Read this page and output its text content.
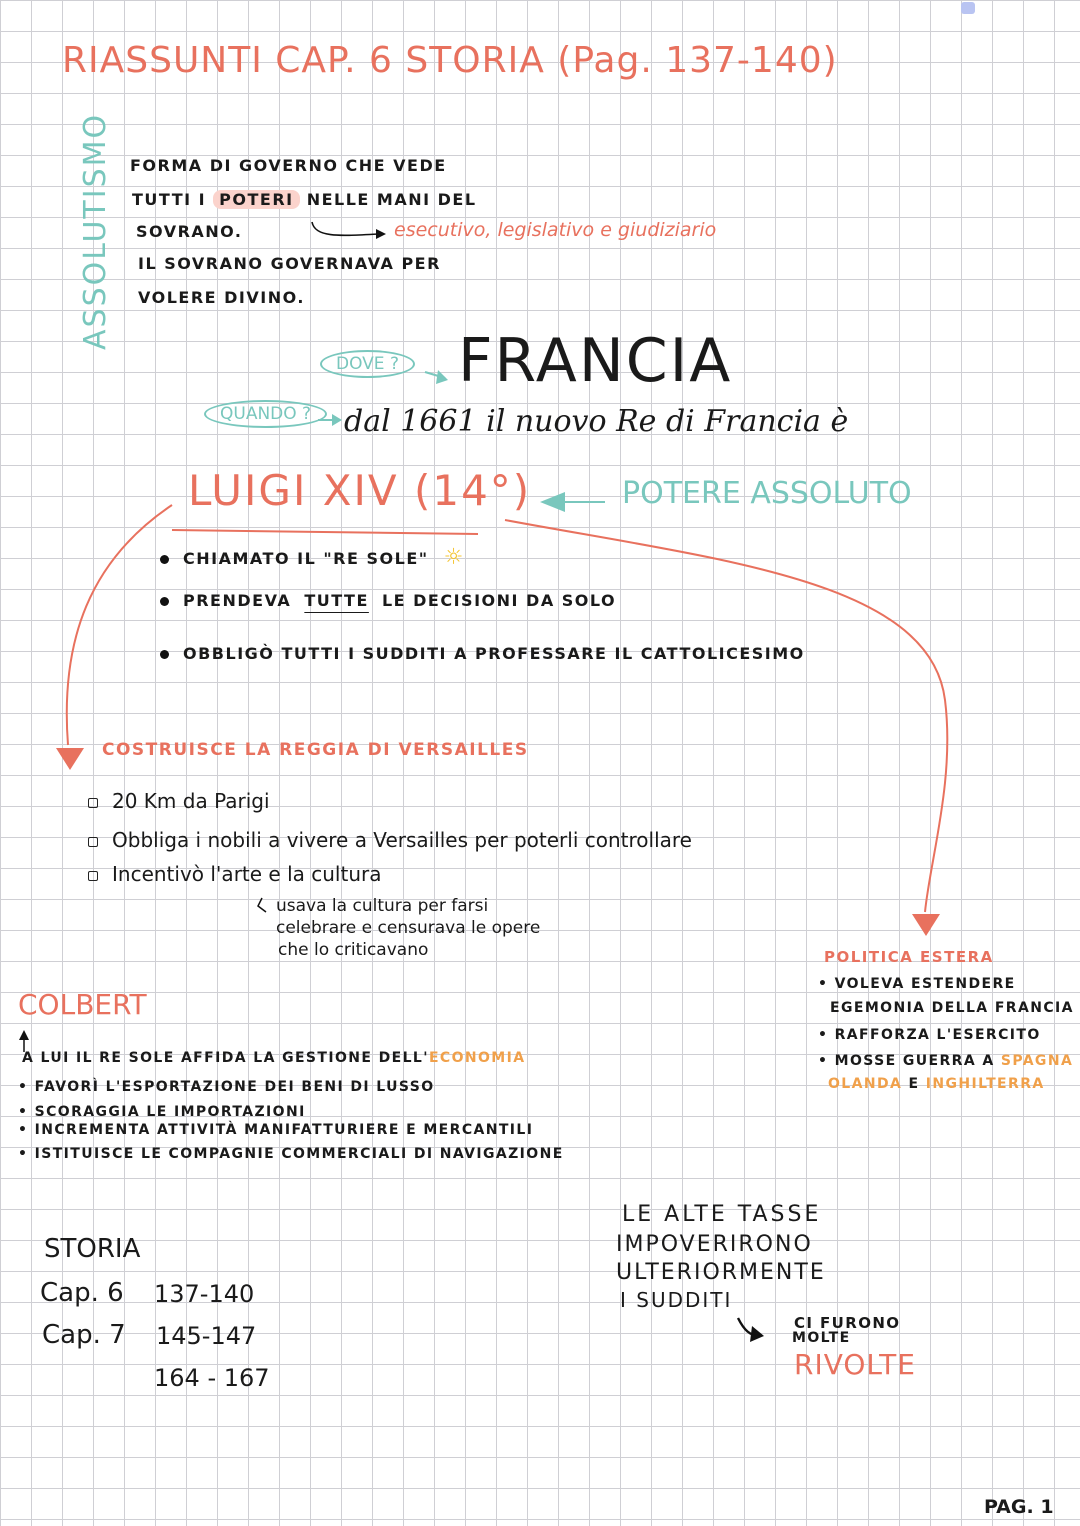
RIASSUNTI CAP. 6 STORIA (Pag. 137-140)
ASSOLUTISMO FORMA DI GOVERNO CHE VEDE
TUTTI I POTERI NELLE MANI DEL
SOVRANO.	esecutivo, legislativo e giudiziario
IL SOVRANO GOVERNAVA PER
VOLERE DIVINO.
DOVE ? FRANCIA
QUANDO ?	dal 1661 il nuovo Re di Francia è
LUIGI XIV (14°)	POTERE ASSOLUTO
CHIAMATO IL "RE SOLE" ☼
PRENDEVA TUTTE LE DECISIONI DA SOLO
OBBLIGÒ TUTTI I SUDDITI A PROFESSARE IL CATTOLICESIMO
COSTRUISCE LA REGGIA DI VERSAILLES
20 Km da Parigi
Obbliga i nobili a vivere a Versailles per poterli controllare
Incentivò l'arte e la cultura
usava la cultura per farsi
celebrare e censurava le opere
che lo criticavano	POLITICA ESTERA
• VOLEVA ESTENDERE
EGEMONIA DELLA FRANCIA
• RAFFORZA L'ESERCITO
• MOSSE GUERRA A SPAGNA
OLANDA E INGHILTERRA
COLBERT
A LUI IL RE SOLE AFFIDA LA GESTIONE DELL'ECONOMIA
• FAVORÌ L'ESPORTAZIONE DEI BENI DI LUSSO
• SCORAGGIA LE IMPORTAZIONI
• INCREMENTA ATTIVITÀ MANIFATTURIERE E MERCANTILI
• ISTITUISCE LE COMPAGNIE COMMERCIALI DI NAVIGAZIONE
STORIA
Cap. 6 137-140
Cap. 7 145-147
164 - 167
LE ALTE TASSE
IMPOVERIRONO
ULTERIORMENTE
I SUDDITI
CI FURONO
MOLTE
RIVOLTE
PAG. 1
